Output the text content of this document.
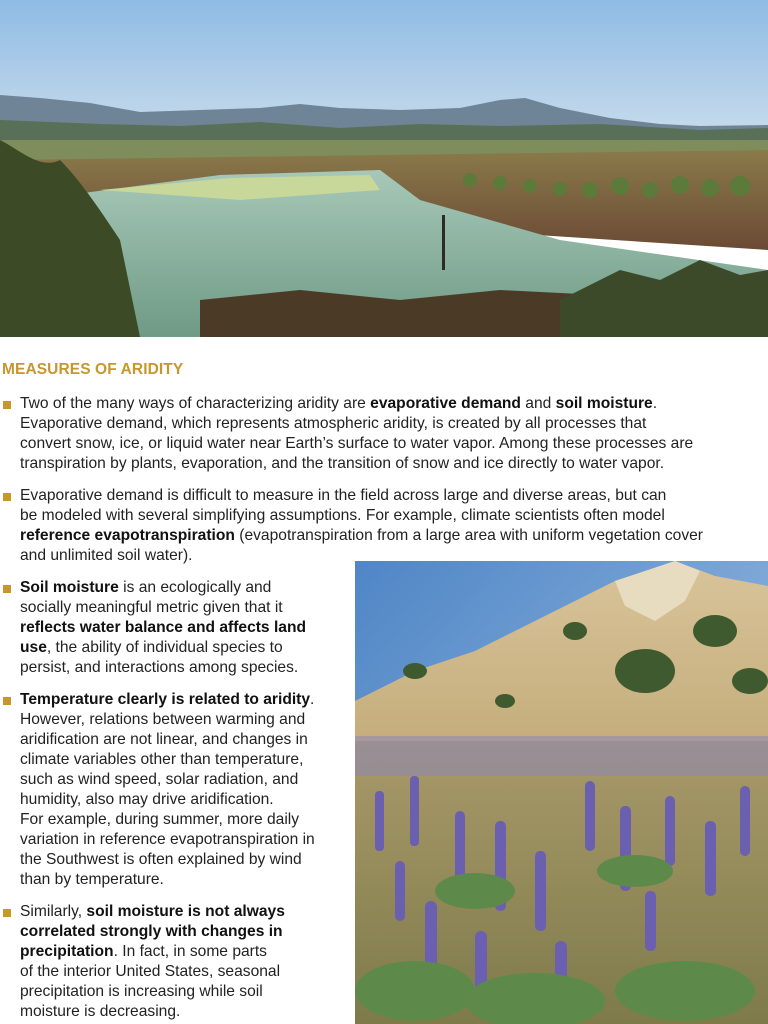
MEASURES OF ARIDITY
Two of the many ways of characterizing aridity are evaporative demand and soil moisture.
Evaporative demand, which represents atmospheric aridity, is created by all processes that
convert snow, ice, or liquid water near Earth’s surface to water vapor. Among these processes are
transpiration by plants, evaporation, and the transition of snow and ice directly to water vapor.
Evaporative demand is difficult to measure in the field across large and diverse areas, but can
be modeled with several simplifying assumptions. For example, climate scientists often model
reference evapotranspiration (evapotranspiration from a large area with uniform vegetation cover
and unlimited soil water).
Soil moisture is an ecologically and
socially meaningful metric given that it
reflects water balance and affects land
use, the ability of individual species to
persist, and interactions among species.
Temperature clearly is related to aridity.
However, relations between warming and
aridification are not linear, and changes in
climate variables other than temperature,
such as wind speed, solar radiation, and
humidity, also may drive aridification.
For example, during summer, more daily
variation in reference evapotranspiration in
the Southwest is often explained by wind
than by temperature.
Similarly, soil moisture is not always
correlated strongly with changes in
precipitation. In fact, in some parts
of the interior United States, seasonal
precipitation is increasing while soil
moisture is decreasing.
